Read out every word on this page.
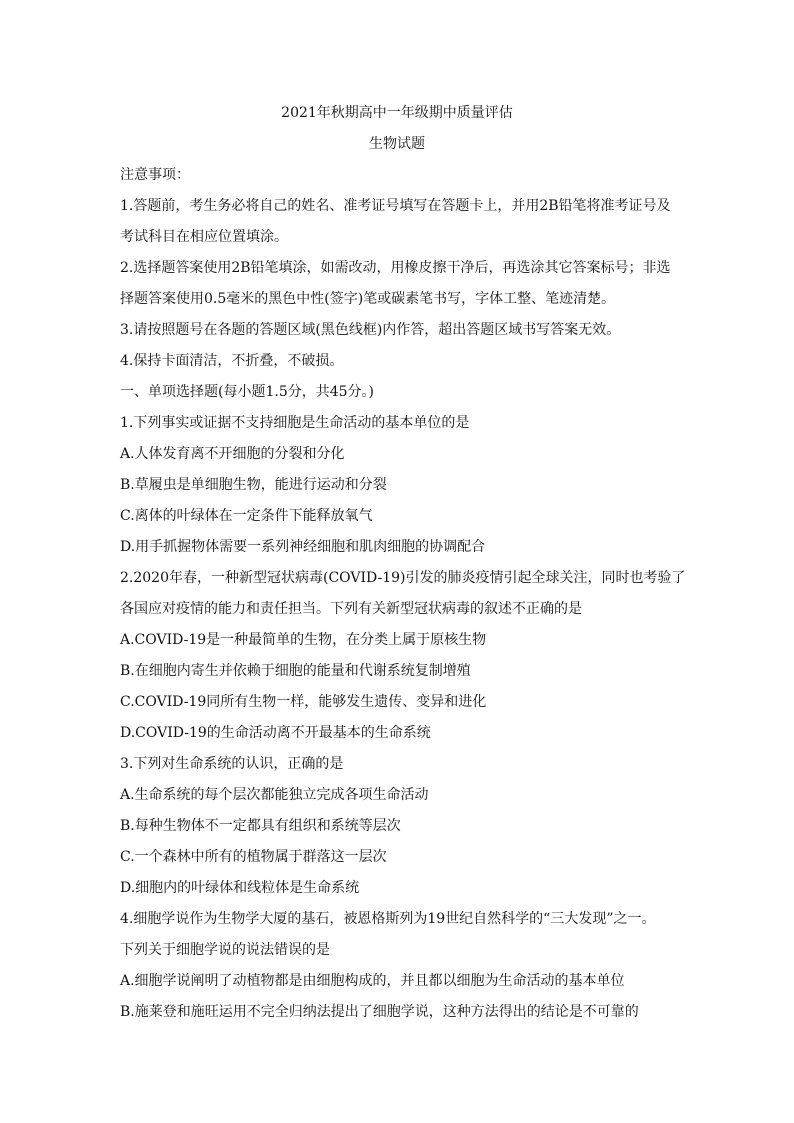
2021年秋期高中一年级期中质量评估
生物试题
注意事项：
1.答题前，考生务必将自己的姓名、准考证号填写在答题卡上，并用2B铅笔将准考证号及
考试科目在相应位置填涂。
2.选择题答案使用2B铅笔填涂，如需改动，用橡皮擦干净后，再选涂其它答案标号；非选
择题答案使用0.5毫米的黑色中性(签字)笔或碳素笔书写，字体工整、笔迹清楚。
3.请按照题号在各题的答题区域(黑色线框)内作答，超出答题区域书写答案无效。
4.保持卡面清洁，不折叠，不破损。
一、单项选择题(每小题1.5分，共45分。)
1.下列事实或证据不支持细胞是生命活动的基本单位的是
A.人体发育离不开细胞的分裂和分化
B.草履虫是单细胞生物，能进行运动和分裂
C.离体的叶绿体在一定条件下能释放氧气
D.用手抓握物体需要一系列神经细胞和肌肉细胞的协调配合
2.2020年春，一种新型冠状病毒(COVID-19)引发的肺炎疫情引起全球关注，同时也考验了
各国应对疫情的能力和责任担当。下列有关新型冠状病毒的叙述不正确的是
A.COVID-19是一种最简单的生物，在分类上属于原核生物
B.在细胞内寄生并依赖于细胞的能量和代谢系统复制增殖
C.COVID-19同所有生物一样，能够发生遗传、变异和进化
D.COVID-19的生命活动离不开最基本的生命系统
3.下列对生命系统的认识，正确的是
A.生命系统的每个层次都能独立完成各项生命活动
B.每种生物体不一定都具有组织和系统等层次
C.一个森林中所有的植物属于群落这一层次
D.细胞内的叶绿体和线粒体是生命系统
4.细胞学说作为生物学大厦的基石，被恩格斯列为19世纪自然科学的“三大发现”之一。
下列关于细胞学说的说法错误的是
A.细胞学说阐明了动植物都是由细胞构成的，并且都以细胞为生命活动的基本单位
B.施莱登和施旺运用不完全归纳法提出了细胞学说，这种方法得出的结论是不可靠的
